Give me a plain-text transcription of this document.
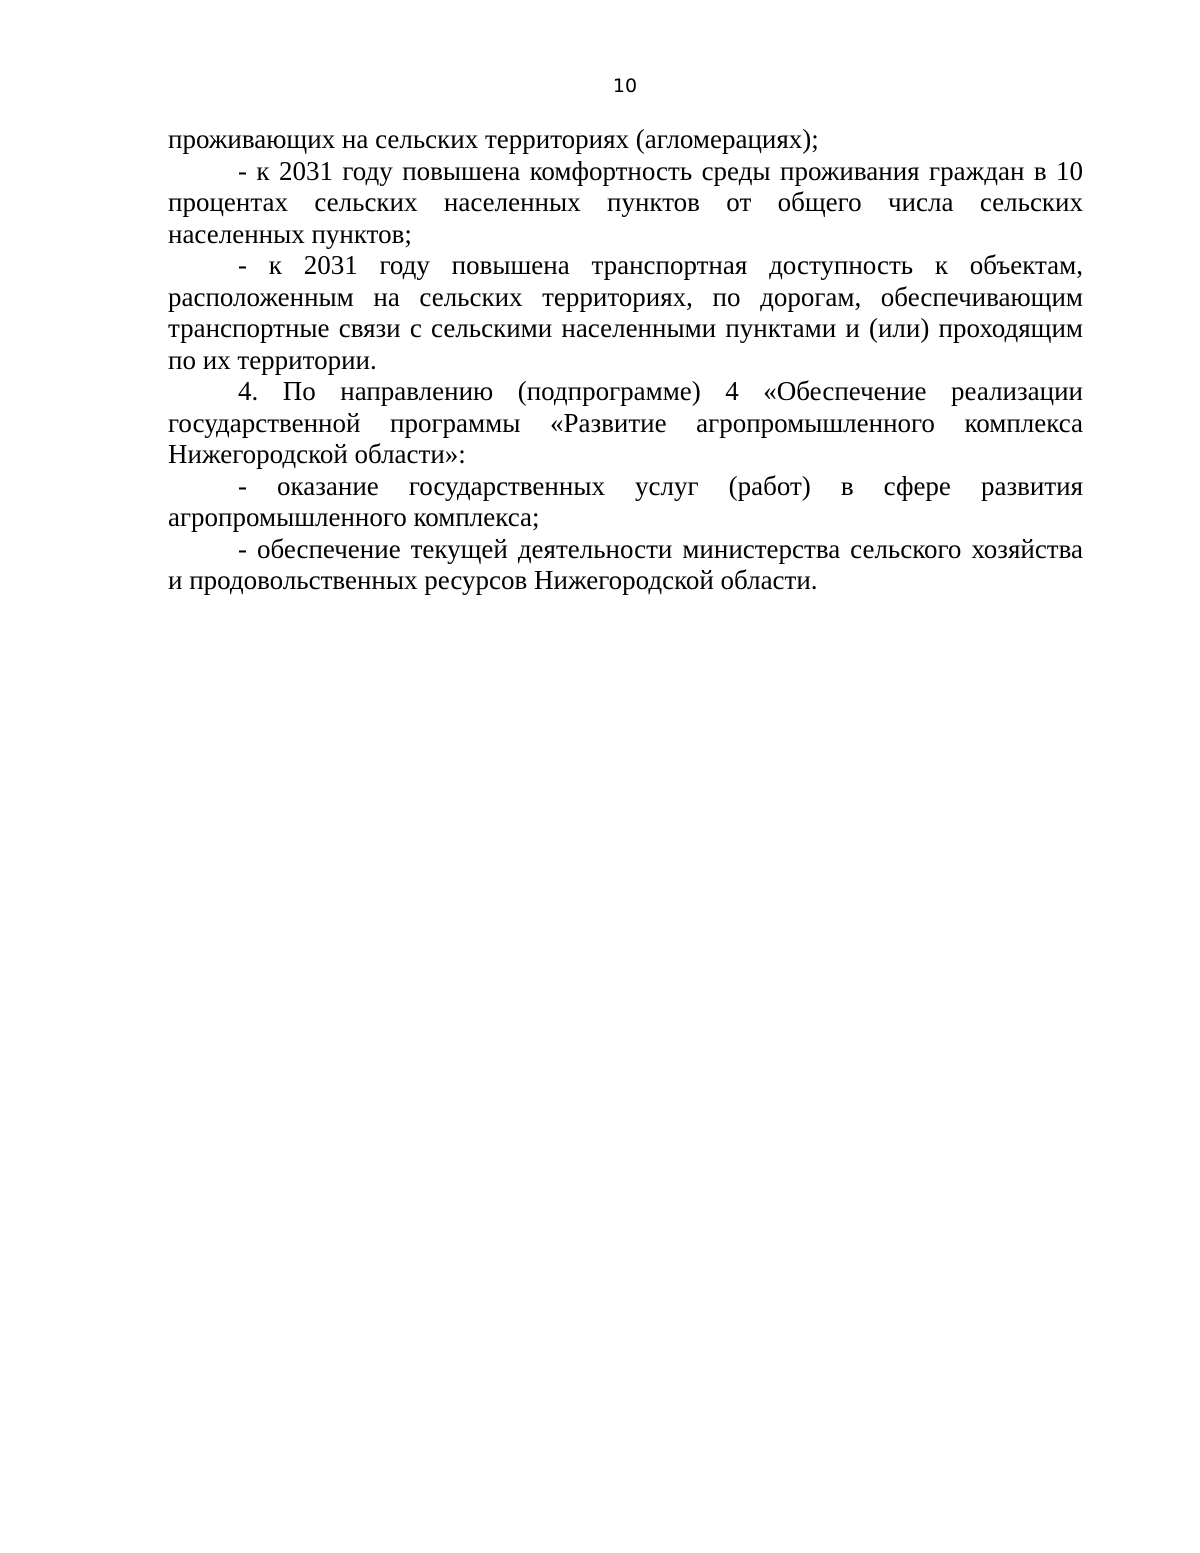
10

проживающих на сельских территориях (агломерациях);

- к 2031 году повышена комфортность среды проживания граждан в 10 процентах сельских населенных пунктов от общего числа сельских населенных пунктов;

- к 2031 году повышена транспортная доступность к объектам, расположенным на сельских территориях, по дорогам, обеспечивающим транспортные связи с сельскими населенными пунктами и (или) проходящим по их территории.

4. По направлению (подпрограмме) 4 «Обеспечение реализации государственной программы «Развитие агропромышленного комплекса Нижегородской области»:

- оказание государственных услуг (работ) в сфере развития агропромышленного комплекса;

- обеспечение текущей деятельности министерства сельского хозяйства и продовольственных ресурсов Нижегородской области.
